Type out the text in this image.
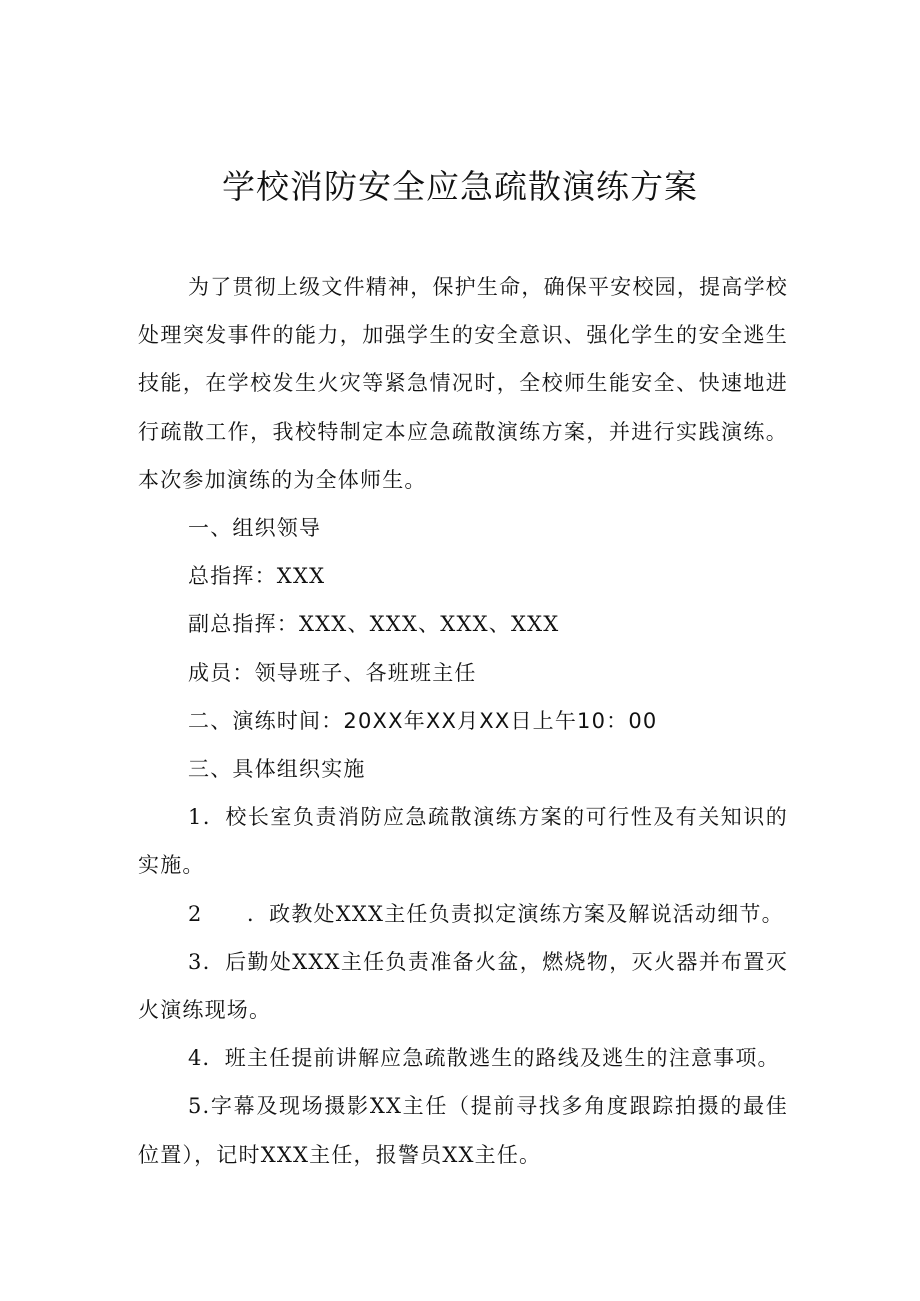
学校消防安全应急疏散演练方案

为了贯彻上级文件精神，保护生命，确保平安校园，提高学校处理突发事件的能力，加强学生的安全意识、强化学生的安全逃生技能，在学校发生火灾等紧急情况时，全校师生能安全、快速地进行疏散工作，我校特制定本应急疏散演练方案，并进行实践演练。本次参加演练的为全体师生。

一、组织领导

总指挥：XXX

副总指挥：XXX、XXX、XXX、XXX

成员：领导班子、各班班主任

二、演练时间：20XX年XX月XX日上午10：00

三、具体组织实施

1．校长室负责消防应急疏散演练方案的可行性及有关知识的实施。

2　　．政教处XXX主任负责拟定演练方案及解说活动细节。

3．后勤处XXX主任负责准备火盆，燃烧物，灭火器并布置灭火演练现场。

4．班主任提前讲解应急疏散逃生的路线及逃生的注意事项。

5.字幕及现场摄影XX主任（提前寻找多角度跟踪拍摄的最佳位置），记时XXX主任，报警员XX主任。
